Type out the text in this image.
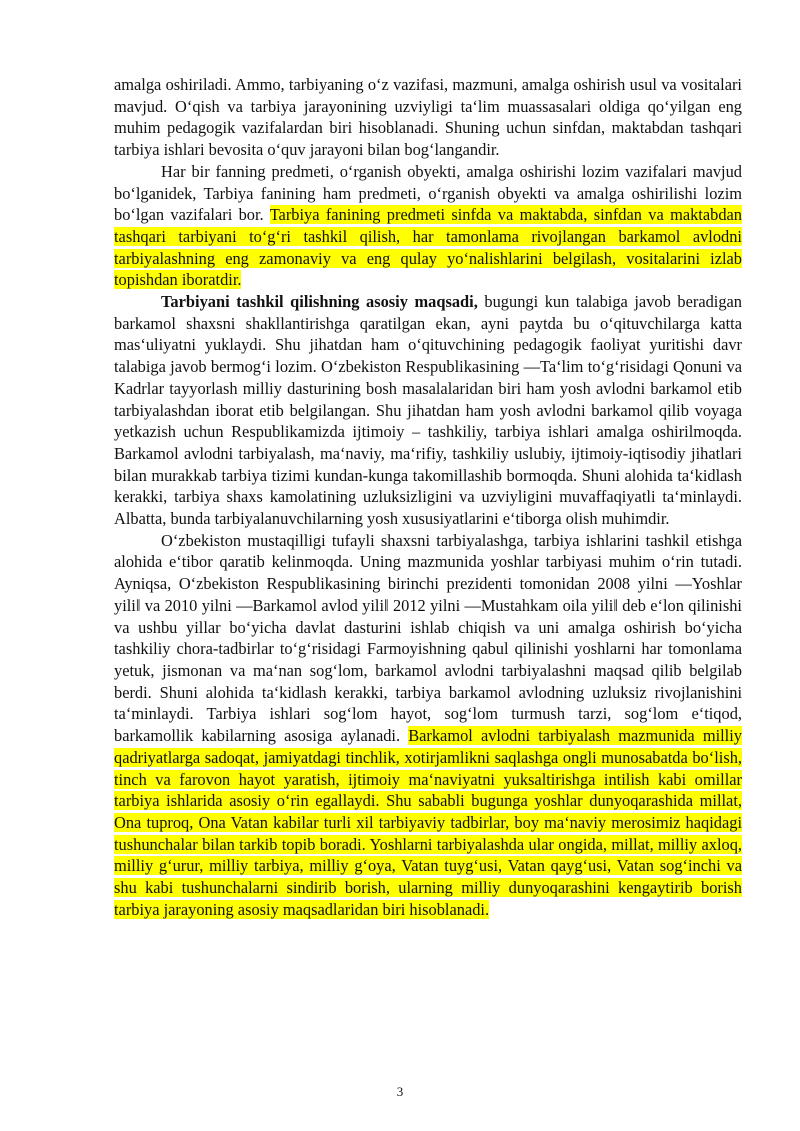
amalga oshiriladi. Ammo, tarbiyaning o‘z vazifasi, mazmuni, amalga oshirish usul va vositalari mavjud. O‘qish va tarbiya jarayonining uzviyligi ta‘lim muassasalari oldiga qo‘yilgan eng muhim pedagogik vazifalardan biri hisoblanadi. Shuning uchun sinfdan, maktabdan tashqari tarbiya ishlari bevosita o‘quv jarayoni bilan bog‘langandir.

Har bir fanning predmeti, o‘rganish obyekti, amalga oshirishi lozim vazifalari mavjud bo‘lganidek, Tarbiya fanining ham predmeti, o‘rganish obyekti va amalga oshirilishi lozim bo‘lgan vazifalari bor. Tarbiya fanining predmeti sinfda va maktabda, sinfdan va maktabdan tashqari tarbiyani to‘g‘ri tashkil qilish, har tamonlama rivojlangan barkamol avlodni tarbiyalashning eng zamonaviy va eng qulay yo‘nalishlarini belgilash, vositalarini izlab topishdan iboratdir.

Tarbiyani tashkil qilishning asosiy maqsadi, bugungi kun talabiga javob beradigan barkamol shaxsni shakllantirishga qaratilgan ekan, ayni paytda bu o‘qituvchilarga katta mas‘uliyatni yuklaydi. Shu jihatdan ham o‘qituvchining pedagogik faoliyat yuritishi davr talabiga javob bermog‘i lozim. O‘zbekiston Respublikasining ―Ta‘lim to‘g‘risidagi Qonuni va Kadrlar tayyorlash milliy dasturining bosh masalalaridan biri ham yosh avlodni barkamol etib tarbiyalashdan iborat etib belgilangan. Shu jihatdan ham yosh avlodni barkamol qilib voyaga yetkazish uchun Respublikamizda ijtimoiy – tashkiliy, tarbiya ishlari amalga oshirilmoqda. Barkamol avlodni tarbiyalash, ma‘naviy, ma‘rifiy, tashkiliy uslubiy, ijtimoiy-iqtisodiy jihatlari bilan murakkab tarbiya tizimi kundan-kunga takomillashib bormoqda. Shuni alohida ta‘kidlash kerakki, tarbiya shaxs kamolatining uzluksizligini va uzviyligini muvaffaqiyatli ta‘minlaydi. Albatta, bunda tarbiyalanuvchilarning yosh xususiyatlarini e‘tiborga olish muhimdir.

O‘zbekiston mustaqilligi tufayli shaxsni tarbiyalashga, tarbiya ishlarini tashkil etishga alohida e‘tibor qaratib kelinmoqda. Uning mazmunida yoshlar tarbiyasi muhim o‘rin tutadi. Ayniqsa, O‘zbekiston Respublikasining birinchi prezidenti tomonidan 2008 yilni ―Yoshlar yili‖ va 2010 yilni ―Barkamol avlod yili‖ 2012 yilni ―Mustahkam oila yili‖ deb e‘lon qilinishi va ushbu yillar bo‘yicha davlat dasturini ishlab chiqish va uni amalga oshirish bo‘yicha tashkiliy chora-tadbirlar to‘g‘risidagi Farmoyishning qabul qilinishi yoshlarni har tomonlama yetuk, jismonan va ma‘nan sog‘lom, barkamol avlodni tarbiyalashni maqsad qilib belgilab berdi. Shuni alohida ta‘kidlash kerakki, tarbiya barkamol avlodning uzluksiz rivojlanishini ta‘minlaydi. Tarbiya ishlari sog‘lom hayot, sog‘lom turmush tarzi, sog‘lom e‘tiqod, barkamollik kabilarning asosiga aylanadi. Barkamol avlodni tarbiyalash mazmunida milliy qadriyatlarga sadoqat, jamiyatdagi tinchlik, xotirjamlikni saqlashga ongli munosabatda bo‘lish, tinch va farovon hayot yaratish, ijtimoiy ma‘naviyatni yuksaltirishga intilish kabi omillar tarbiya ishlarida asosiy o‘rin egallaydi. Shu sababli bugunga yoshlar dunyoqarashida millat, Ona tuproq, Ona Vatan kabilar turli xil tarbiyaviy tadbirlar, boy ma‘naviy merosimiz haqidagi tushunchalar bilan tarkib topib boradi. Yoshlarni tarbiyalashda ular ongida, millat, milliy axloq, milliy g‘urur, milliy tarbiya, milliy g‘oya, Vatan tuyg‘usi, Vatan qayg‘usi, Vatan sog‘inchi va shu kabi tushunchalarni sindirib borish, ularning milliy dunyoqarashini kengaytirib borish tarbiya jarayoning asosiy maqsadlaridan biri hisoblanadi.

3
